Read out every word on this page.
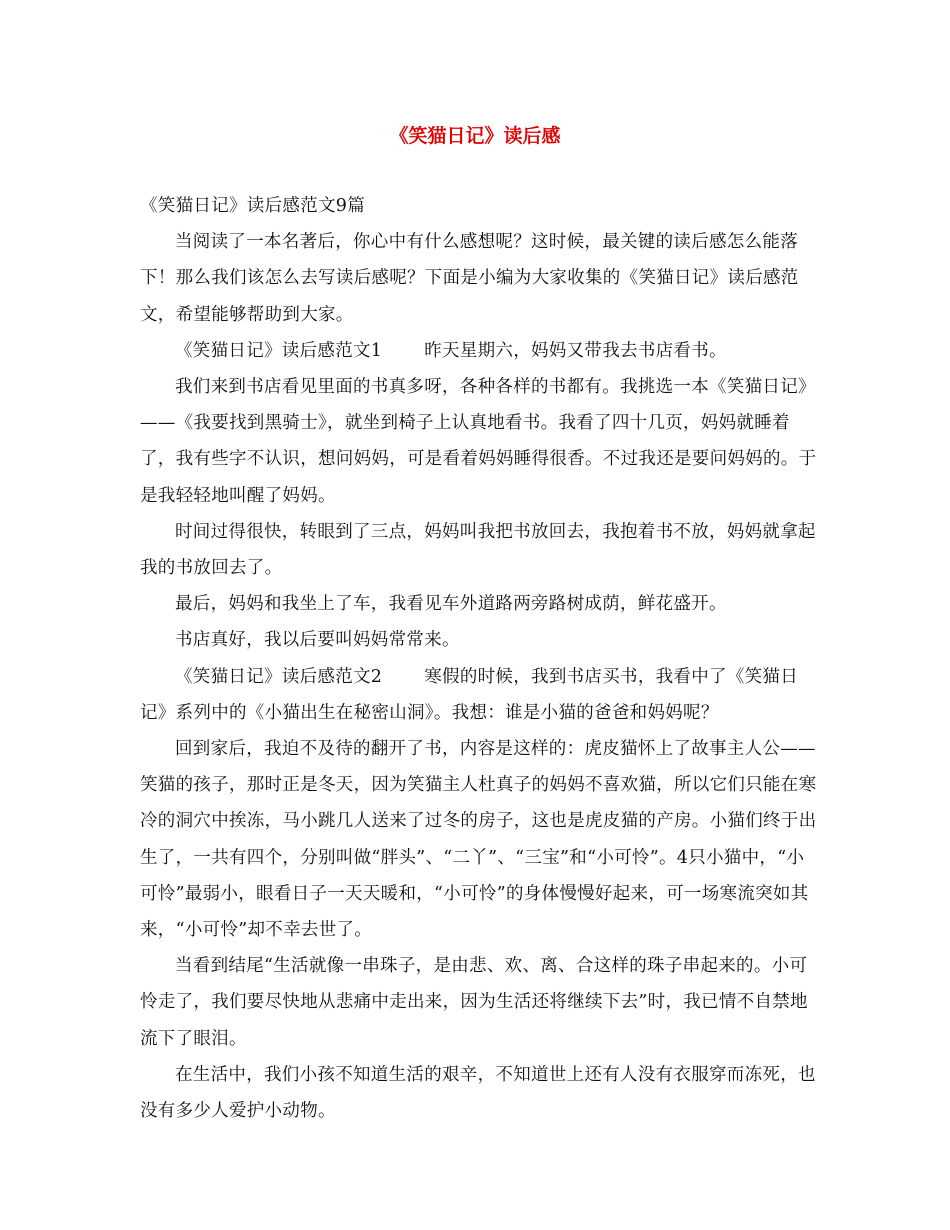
《笑猫日记》读后感

《笑猫日记》读后感范文9篇

当阅读了一本名著后，你心中有什么感想呢？这时候，最关键的读后感怎么能落下！那么我们该怎么去写读后感呢？下面是小编为大家收集的《笑猫日记》读后感范文，希望能够帮助到大家。

《笑猫日记》读后感范文1 昨天星期六，妈妈又带我去书店看书。

我们来到书店看见里面的书真多呀，各种各样的书都有。我挑选一本《笑猫日记》——《我要找到黑骑士》，就坐到椅子上认真地看书。我看了四十几页，妈妈就睡着了，我有些字不认识，想问妈妈，可是看着妈妈睡得很香。不过我还是要问妈妈的。于是我轻轻地叫醒了妈妈。

时间过得很快，转眼到了三点，妈妈叫我把书放回去，我抱着书不放，妈妈就拿起我的书放回去了。

最后，妈妈和我坐上了车，我看见车外道路两旁路树成荫，鲜花盛开。

书店真好，我以后要叫妈妈常常来。

《笑猫日记》读后感范文2 寒假的时候，我到书店买书，我看中了《笑猫日记》系列中的《小猫出生在秘密山洞》。我想：谁是小猫的爸爸和妈妈呢？

回到家后，我迫不及待的翻开了书，内容是这样的：虎皮猫怀上了故事主人公——笑猫的孩子，那时正是冬天，因为笑猫主人杜真子的妈妈不喜欢猫，所以它们只能在寒冷的洞穴中挨冻，马小跳几人送来了过冬的房子，这也是虎皮猫的产房。小猫们终于出生了，一共有四个，分别叫做“胖头”、“二丫”、“三宝”和“小可怜”。4只小猫中，“小可怜”最弱小，眼看日子一天天暖和，“小可怜”的身体慢慢好起来，可一场寒流突如其来，“小可怜”却不幸去世了。

当看到结尾“生活就像一串珠子，是由悲、欢、离、合这样的珠子串起来的。小可怜走了，我们要尽快地从悲痛中走出来，因为生活还将继续下去”时，我已情不自禁地流下了眼泪。

在生活中，我们小孩不知道生活的艰辛，不知道世上还有人没有衣服穿而冻死，也没有多少人爱护小动物。
